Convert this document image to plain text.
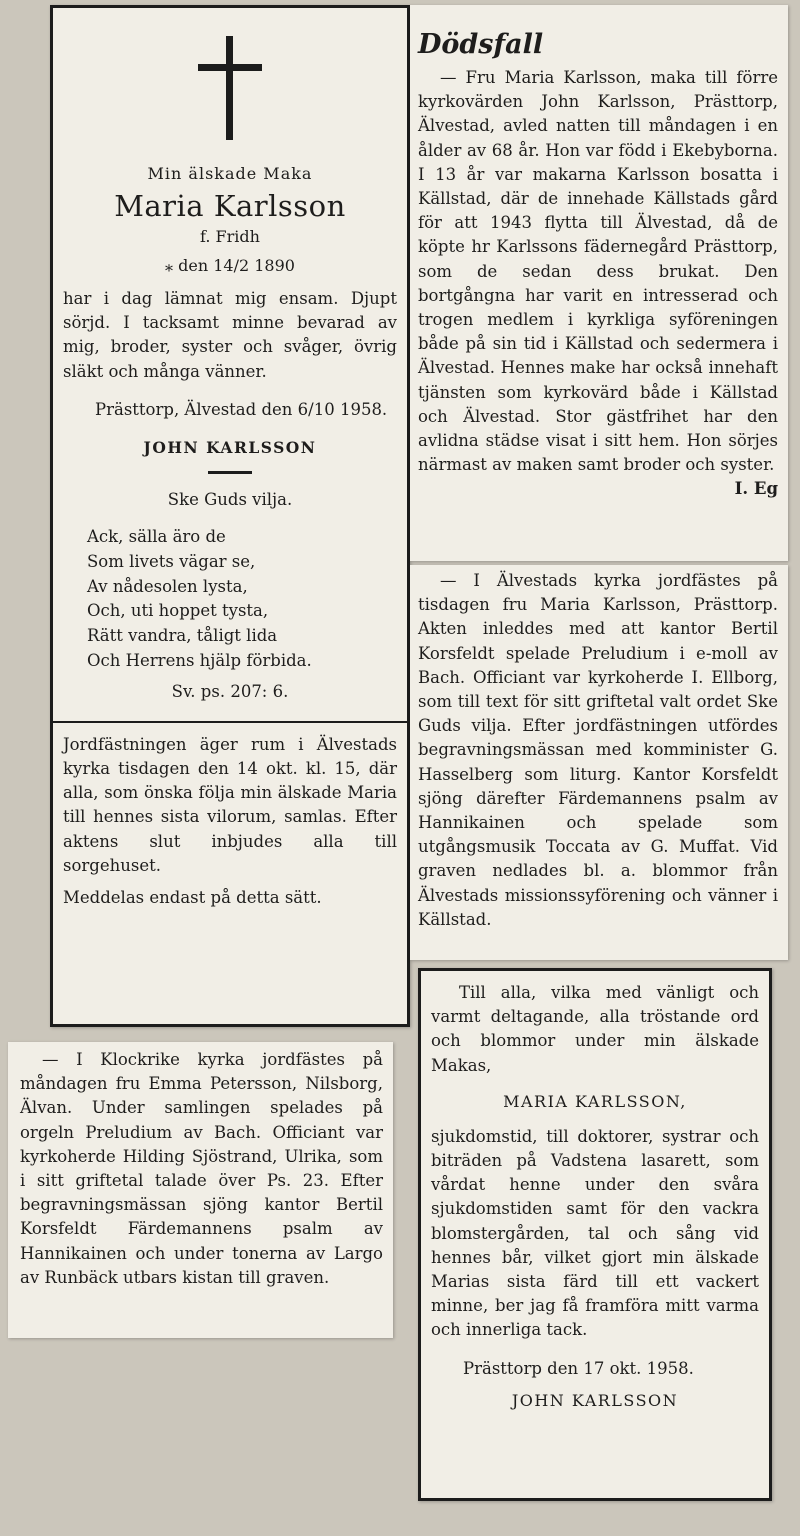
Min älskade Maka
Maria Karlsson
f. Fridh
⁎ den 14/2 1890

har i dag lämnat mig ensam. Djupt sörjd. I tacksamt minne bevarad av mig, broder, syster och svåger, övrig släkt och många vänner.

Prästtorp, Älvestad den 6/10 1958.

JOHN KARLSSON
Ske Guds vilja.
Ack, sälla äro de
Som livets vägar se,
Av nådesolen lysta,
Och, uti hoppet tysta,
Rätt vandra, tåligt lida
Och Herrens hjälp förbida.
Sv. ps. 207: 6.

Jordfästningen äger rum i Älvestads kyrka tisdagen den 14 okt. kl. 15, där alla, som önska följa min älskade Maria till hennes sista vilorum, samlas. Efter aktens slut inbjudes alla till sorgehuset.

Meddelas endast på detta sätt.

Dödsfall

— Fru Maria Karlsson, maka till förre kyrkovärden John Karlsson, Prästtorp, Älvestad, avled natten till måndagen i en ålder av 68 år. Hon var född i Ekebyborna. I 13 år var makarna Karlsson bosatta i Källstad, där de innehade Källstads gård för att 1943 flytta till Älvestad, då de köpte hr Karlssons fädernegård Prästtorp, som de sedan dess brukat. Den bortgångna har varit en intresserad och trogen medlem i kyrkliga syföreningen både på sin tid i Källstad och sedermera i Älvestad. Hennes make har också innehaft tjänsten som kyrkovärd både i Källstad och Älvestad. Stor gästfrihet har den avlidna städse visat i sitt hem. Hon sörjes närmast av maken samt broder och syster.
I. Eg

— I Älvestads kyrka jordfästes på tisdagen fru Maria Karlsson, Prästtorp. Akten inleddes med att kantor Bertil Korsfeldt spelade Preludium i e-moll av Bach. Officiant var kyrkoherde I. Ellborg, som till text för sitt griftetal valt ordet Ske Guds vilja. Efter jordfästningen utfördes begravningsmässan med komminister G. Hasselberg som liturg. Kantor Korsfeldt sjöng därefter Färdemannens psalm av Hannikainen och spelade som utgångsmusik Toccata av G. Muffat. Vid graven nedlades bl. a. blommor från Älvestads missionssyförening och vänner i Källstad.

— I Klockrike kyrka jordfästes på måndagen fru Emma Petersson, Nilsborg, Älvan. Under samlingen spelades på orgeln Preludium av Bach. Officiant var kyrkoherde Hilding Sjöstrand, Ulrika, som i sitt griftetal talade över Ps. 23. Efter begravningsmässan sjöng kantor Bertil Korsfeldt Färdemannens psalm av Hannikainen och under tonerna av Largo av Runbäck utbars kistan till graven.

Till alla, vilka med vänligt och varmt deltagande, alla tröstande ord och blommor under min älskade Makas,

MARIA KARLSSON,

sjukdomstid, till doktorer, systrar och biträden på Vadstena lasarett, som vårdat henne under den svåra sjukdomstiden samt för den vackra blomstergården, tal och sång vid hennes bår, vilket gjort min älskade Marias sista färd till ett vackert minne, ber jag få framföra mitt varma och innerliga tack.

Prästtorp den 17 okt. 1958.

JOHN KARLSSON
